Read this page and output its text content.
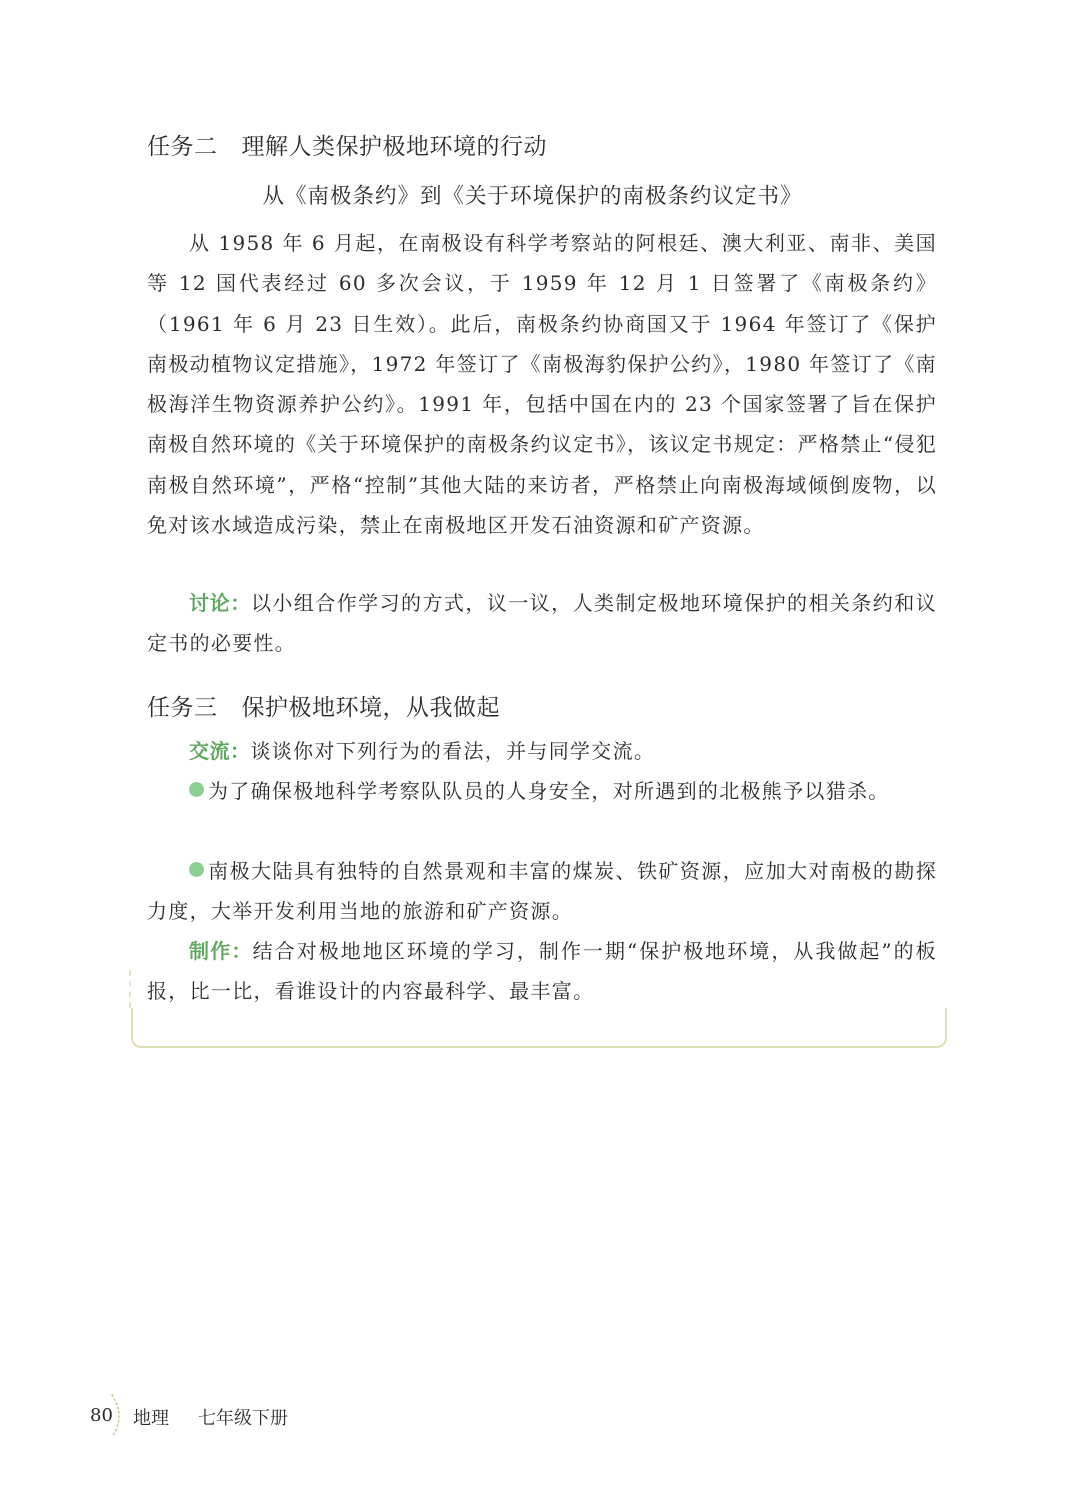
任务二 理解人类保护极地环境的行动
从《南极条约》到《关于环境保护的南极条约议定书》
从 1958 年 6 月起，在南极设有科学考察站的阿根廷、澳大利亚、南非、美国等 12 国代表经过 60 多次会议，于 1959 年 12 月 1 日签署了《南极条约》（1961 年 6 月 23 日生效）。此后，南极条约协商国又于 1964 年签订了《保护南极动植物议定措施》，1972 年签订了《南极海豹保护公约》，1980 年签订了《南极海洋生物资源养护公约》。1991 年，包括中国在内的 23 个国家签署了旨在保护南极自然环境的《关于环境保护的南极条约议定书》，该议定书规定：严格禁止“侵犯南极自然环境”，严格“控制”其他大陆的来访者，严格禁止向南极海域倾倒废物，以免对该水域造成污染，禁止在南极地区开发石油资源和矿产资源。
讨论：以小组合作学习的方式，议一议，人类制定极地环境保护的相关条约和议定书的必要性。
任务三 保护极地环境，从我做起
交流：谈谈你对下列行为的看法，并与同学交流。
为了确保极地科学考察队队员的人身安全，对所遇到的北极熊予以猎杀。
南极大陆具有独特的自然景观和丰富的煤炭、铁矿资源，应加大对南极的勘探力度，大举开发利用当地的旅游和矿产资源。
制作：结合对极地地区环境的学习，制作一期“保护极地环境，从我做起”的板报，比一比，看谁设计的内容最科学、最丰富。
80 地理 七年级下册
